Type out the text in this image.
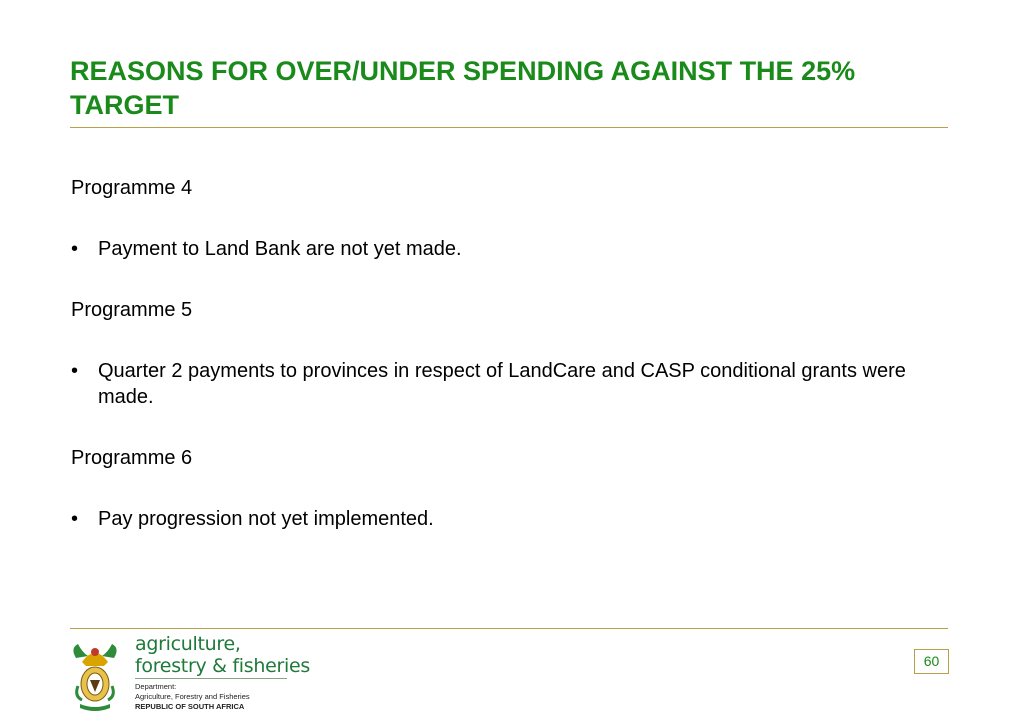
REASONS FOR OVER/UNDER SPENDING AGAINST THE 25% TARGET
Programme 4
• Payment to Land Bank are not yet made.
Programme 5
• Quarter 2 payments to provinces in respect of LandCare and CASP conditional grants were made.
Programme 6
• Pay progression not yet implemented.
agriculture,
forestry & fisheries
Department:
Agriculture, Forestry and Fisheries
REPUBLIC OF SOUTH AFRICA
60
